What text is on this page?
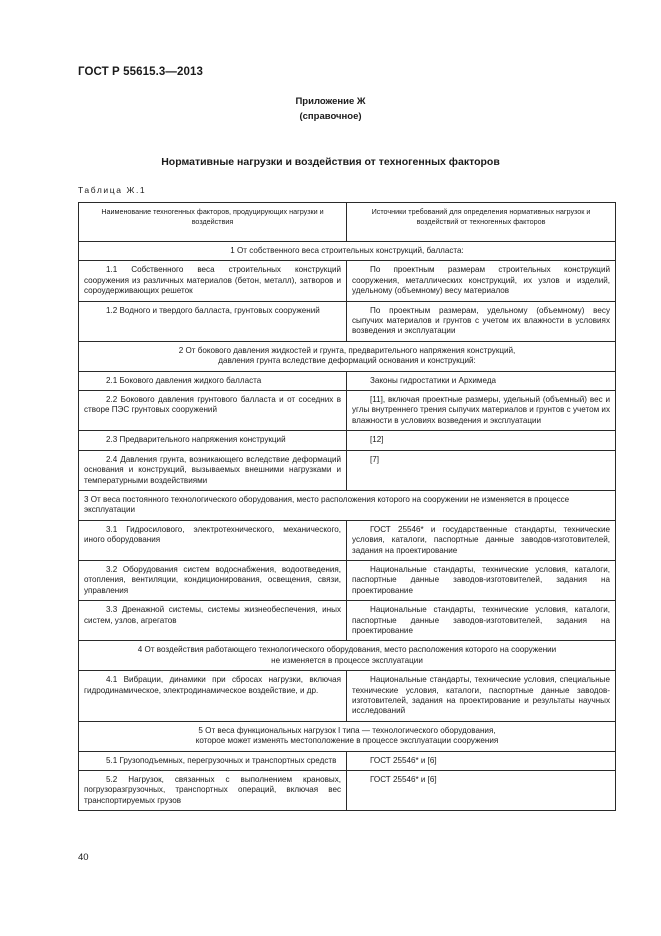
ГОСТ Р 55615.3—2013
Приложение Ж
(справочное)
Нормативные нагрузки и воздействия от техногенных факторов
Таблица Ж.1
Наименование техногенных факторов, продуцирующих нагрузки и воздействия	Источники требований для определения нормативных нагрузок и воздействий от техногенных факторов
1 От собственного веса строительных конструкций, балласта:	
1.1 Собственного веса строительных конструкций сооружения из различных материалов (бетон, металл), затворов и сороудерживающих решеток	По проектным размерам строительных конструкций сооружения, металлических конструкций, их узлов и изделий, удельному (объемному) весу материалов
1.2 Водного и твердого балласта, грунтовых сооружений	По проектным размерам, удельному (объемному) весу сыпучих материалов и грунтов с учетом их влажности в условиях возведения и эксплуатации

2 От бокового давления жидкостей и грунта, предварительного напряжения конструкций,
давления грунта вследствие деформаций основания и конструкций:	

2.1 Бокового давления жидкого балласта	Законы гидростатики и Архимеда
2.2 Бокового давления грунтового балласта и от соседних в створе ПЭС грунтовых сооружений	[11], включая проектные размеры, удельный (объемный) вес и углы внутреннего трения сыпучих материалов и грунтов с учетом их влажности в условиях возведения и эксплуатации
2.3 Предварительного напряжения конструкций	[12]
2.4 Давления грунта, возникающего вследствие деформаций основания и конструкций, вызываемых внешними нагрузками и температурными воздействиями	[7]
3 От веса постоянного технологического оборудования, место расположения которого на сооружении не изменяется в процессе эксплуатации	
3.1 Гидросилового, электротехнического, механического, иного оборудования	ГОСТ 25546* и государственные стандарты, технические условия, каталоги, паспортные данные заводов-изготовителей, задания на проектирование
3.2 Оборудования систем водоснабжения, водоотведения, отопления, вентиляции, кондиционирования, освещения, связи, управления	Национальные стандарты, технические условия, каталоги, паспортные данные заводов-изготовителей, задания на проектирование
3.3 Дренажной системы, системы жизнеобеспечения, иных систем, узлов, агрегатов	Национальные стандарты, технические условия, каталоги, паспортные данные заводов-изготовителей, задания на проектирование

4 От воздействия работающего технологического оборудования, место расположения которого на сооружении
не изменяется в процессе эксплуатации	

4.1 Вибрации, динамики при сбросах нагрузки, включая гидродинамическое, электродинамическое воздействие, и др.	Национальные стандарты, технические условия, специальные технические условия, каталоги, паспортные данные заводов-изготовителей, задания на проектирование и результаты научных исследований

5 От веса функциональных нагрузок I типа — технологического оборудования,
которое может изменять местоположение в процессе эксплуатации сооружения	

5.1 Грузоподъемных, перегрузочных и транспортных средств	ГОСТ 25546* и [6]
5.2 Нагрузок, связанных с выполнением крановых, погрузоразгрузочных, транспортных операций, включая вес транспортируемых грузов	ГОСТ 25546* и [6]
40
